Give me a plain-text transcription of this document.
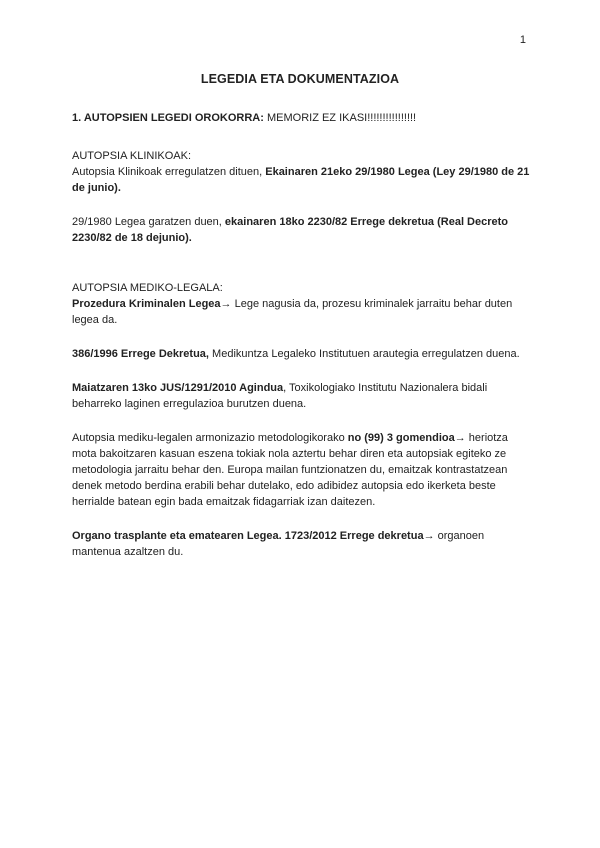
1
LEGEDIA ETA DOKUMENTAZIOA

1. AUTOPSIEN LEGEDI OROKORRA: MEMORIZ EZ IKASI!!!!!!!!!!!!!!!!

AUTOPSIA KLINIKOAK:

Autopsia Klinikoak erregulatzen dituen, Ekainaren 21eko 29/1980 Legea (Ley 29/1980 de 21 de junio).

29/1980 Legea garatzen duen, ekainaren 18ko 2230/82 Errege dekretua (Real Decreto 2230/82 de 18 dejunio).

AUTOPSIA MEDIKO-LEGALA:

Prozedura Kriminalen Legea→ Lege nagusia da, prozesu kriminalek jarraitu behar duten legea da.

386/1996 Errege Dekretua, Medikuntza Legaleko Institutuen arautegia erregulatzen duena.

Maiatzaren 13ko JUS/1291/2010 Agindua, Toxikologiako Institutu Nazionalera bidali beharreko laginen erregulazioa burutzen duena.

Autopsia mediku-legalen armonizazio metodologikorako no (99) 3 gomendioa→ heriotza mota bakoitzaren kasuan eszena tokiak nola aztertu behar diren eta autopsiak egiteko ze metodologia jarraitu behar den. Europa mailan funtzionatzen du, emaitzak kontrastatzean denek metodo berdina erabili behar dutelako, edo adibidez autopsia edo ikerketa beste herrialde batean egin bada emaitzak fidagarriak izan daitezen.

Organo trasplante eta ematearen Legea. 1723/2012 Errege dekretua→ organoen mantenua azaltzen du.
